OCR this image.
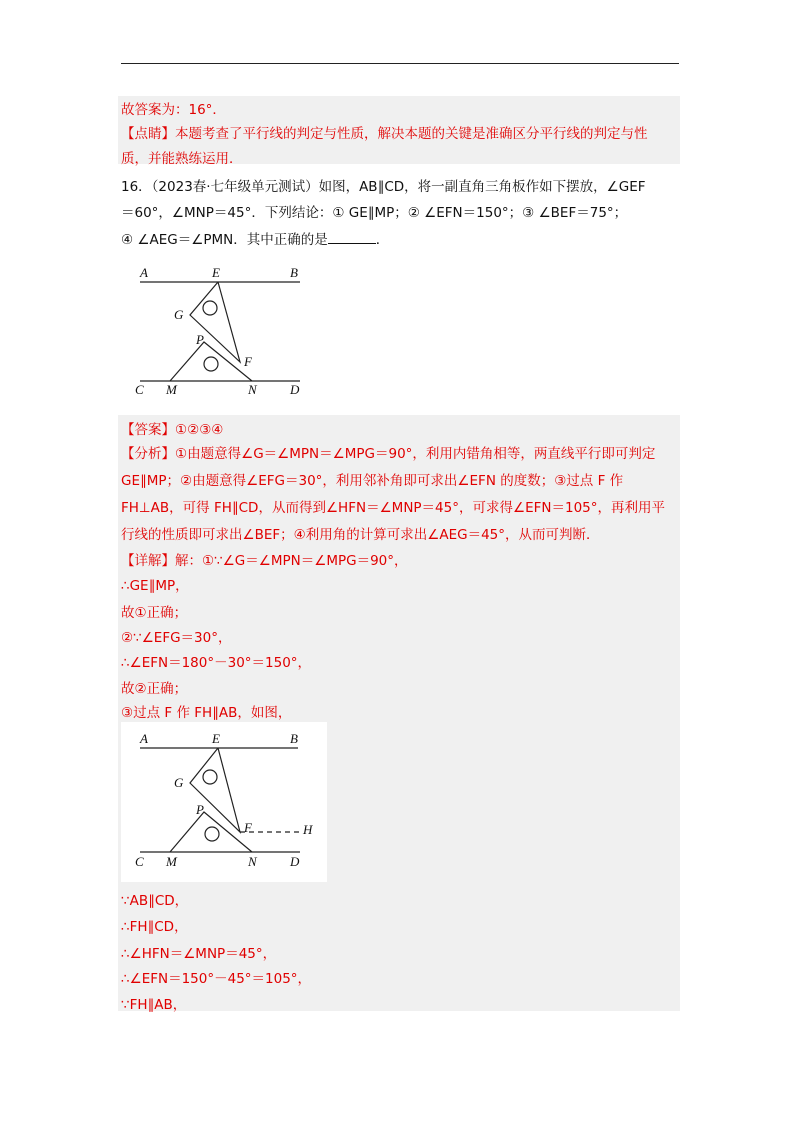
故答案为：16°．
【点睛】本题考查了平行线的判定与性质，解决本题的关键是准确区分平行线的判定与性
质，并能熟练运用．
16．（2023春·七年级单元测试）如图，AB∥CD，将一副直角三角板作如下摆放，∠GEF
＝60°，∠MNP＝45°．下列结论：① GE∥MP；② ∠EFN＝150°；③ ∠BEF＝75°；
④ ∠AEG＝∠PMN．其中正确的是	．
A	E	B
G
P
F
C M	N	D
【答案】①②③④
【分析】①由题意得∠G＝∠MPN＝∠MPG＝90°，利用内错角相等，两直线平行即可判定
GE∥MP；②由题意得∠EFG＝30°，利用邻补角即可求出∠EFN 的度数；③过点 F 作
FH⊥AB，可得 FH∥CD，从而得到∠HFN＝∠MNP＝45°，可求得∠EFN＝105°，再利用平
行线的性质即可求出∠BEF；④利用角的计算可求出∠AEG＝45°，从而可判断．
【详解】解：①∵∠G＝∠MPN＝∠MPG＝90°，
∴GE∥MP，
故①正确；
②∵∠EFG＝30°，
∴∠EFN＝180°－30°＝150°，
故②正确；
③过点 F 作 FH∥AB，如图，
A	E	B
G
P
F	H
C M	N	D
∵AB∥CD，
∴FH∥CD，
∴∠HFN＝∠MNP＝45°，
∴∠EFN＝150°－45°＝105°，
∵FH∥AB，
